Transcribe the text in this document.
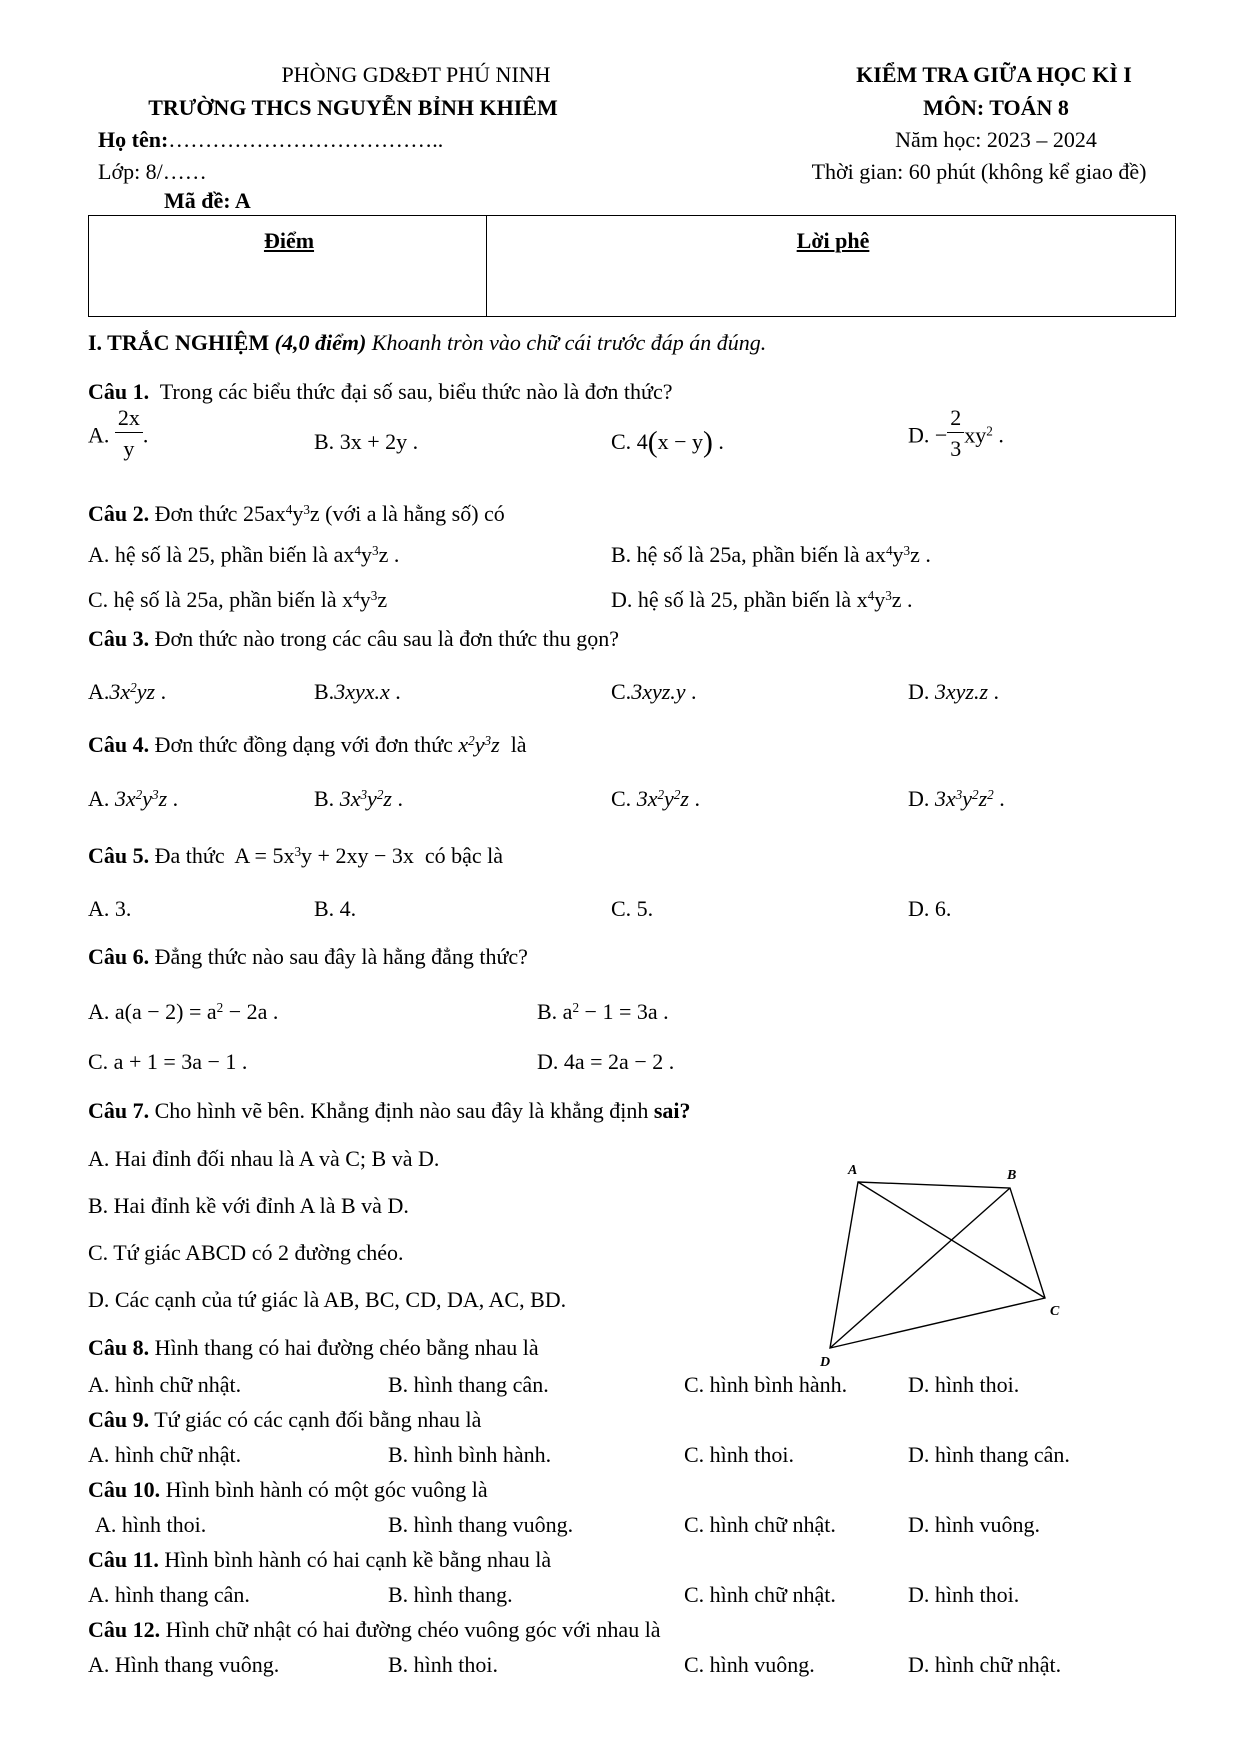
PHÒNG GD&ĐT PHÚ NINH
TRƯỜNG THCS NGUYỄN BỈNH KHIÊM
Họ tên:………………………………..
Lớp: 8/……
Mã đề: A
KIỂM TRA GIỮA HỌC KÌ I
MÔN: TOÁN 8
Năm học: 2023 – 2024
Thời gian: 60 phút (không kể giao đề)
Điểm	Lời phê
I. TRẮC NGHIỆM (4,0 điểm) Khoanh tròn vào chữ cái trước đáp án đúng.
Câu 1. Trong các biểu thức đại số sau, biểu thức nào là đơn thức?
A. $\frac{2x}{y}$ .	B. 3x + 2y .	C. 4(x − y) .	D. − $\frac{2}{3} xy^2$ .
Câu 2. Đơn thức $25ax^4y^3z$ (với a là hằng số) có
A. hệ số là 25, phần biến là $ax^4y^3z$ .	B. hệ số là 25a, phần biến là $ax^4y^3z$ .
C. hệ số là 25a, phần biến là $x^4y^3z$	D. hệ số là 25, phần biến là $x^4y^3z$ .
Câu 3. Đơn thức nào trong các câu sau là đơn thức thu gọn?
$A.3x^2yz$ .	B.3xyx.x .	C.3xyz.y .	D. 3xyz.z .
Câu 4. Đơn thức đồng dạng với đơn thức $x^2y^3z$ là
A. $3x^2y^3z$ .	B. $3x^3y^2z$ .	C. $3x^2y^2z$ .	D. $3x^3y^2z^2$ .
Câu 5. Đa thức  $A = 5x^3y + 2xy - 3x$  có bậc là
A. 3.	B. 4.	C. 5.	D. 6.
Câu 6. Đẳng thức nào sau đây là hằng đẳng thức?
A. $a(a - 2) = a^2 - 2a$ .	B. $a^2 - 1 = 3a$ .
C. a + 1 = 3a − 1 .	D. 4a = 2a − 2 .
Câu 7. Cho hình vẽ bên. Khẳng định nào sau đây là khẳng định sai?
A. Hai đỉnh đối nhau là A và C; B và D.
B. Hai đỉnh kề với đỉnh A là B và D.
C. Tứ giác ABCD có 2 đường chéo.
D. Các cạnh của tứ giác là AB, BC, CD, DA, AC, BD.
A	B
C
D
Câu 8. Hình thang có hai đường chéo bằng nhau là
A. hình chữ nhật.	B. hình thang cân.	C. hình bình hành.	D. hình thoi.
Câu 9. Tứ giác có các cạnh đối bằng nhau là
A. hình chữ nhật.	B. hình bình hành.	C. hình thoi.	D. hình thang cân.
Câu 10. Hình bình hành có một góc vuông là
A. hình thoi.	B. hình thang vuông.	C. hình chữ nhật.	D. hình vuông.
Câu 11. Hình bình hành có hai cạnh kề bằng nhau là
A. hình thang cân.	B. hình thang.	C. hình chữ nhật.	D. hình thoi.
Câu 12. Hình chữ nhật có hai đường chéo vuông góc với nhau là
A. Hình thang vuông.	B. hình thoi.	C. hình vuông.	D. hình chữ nhật.
